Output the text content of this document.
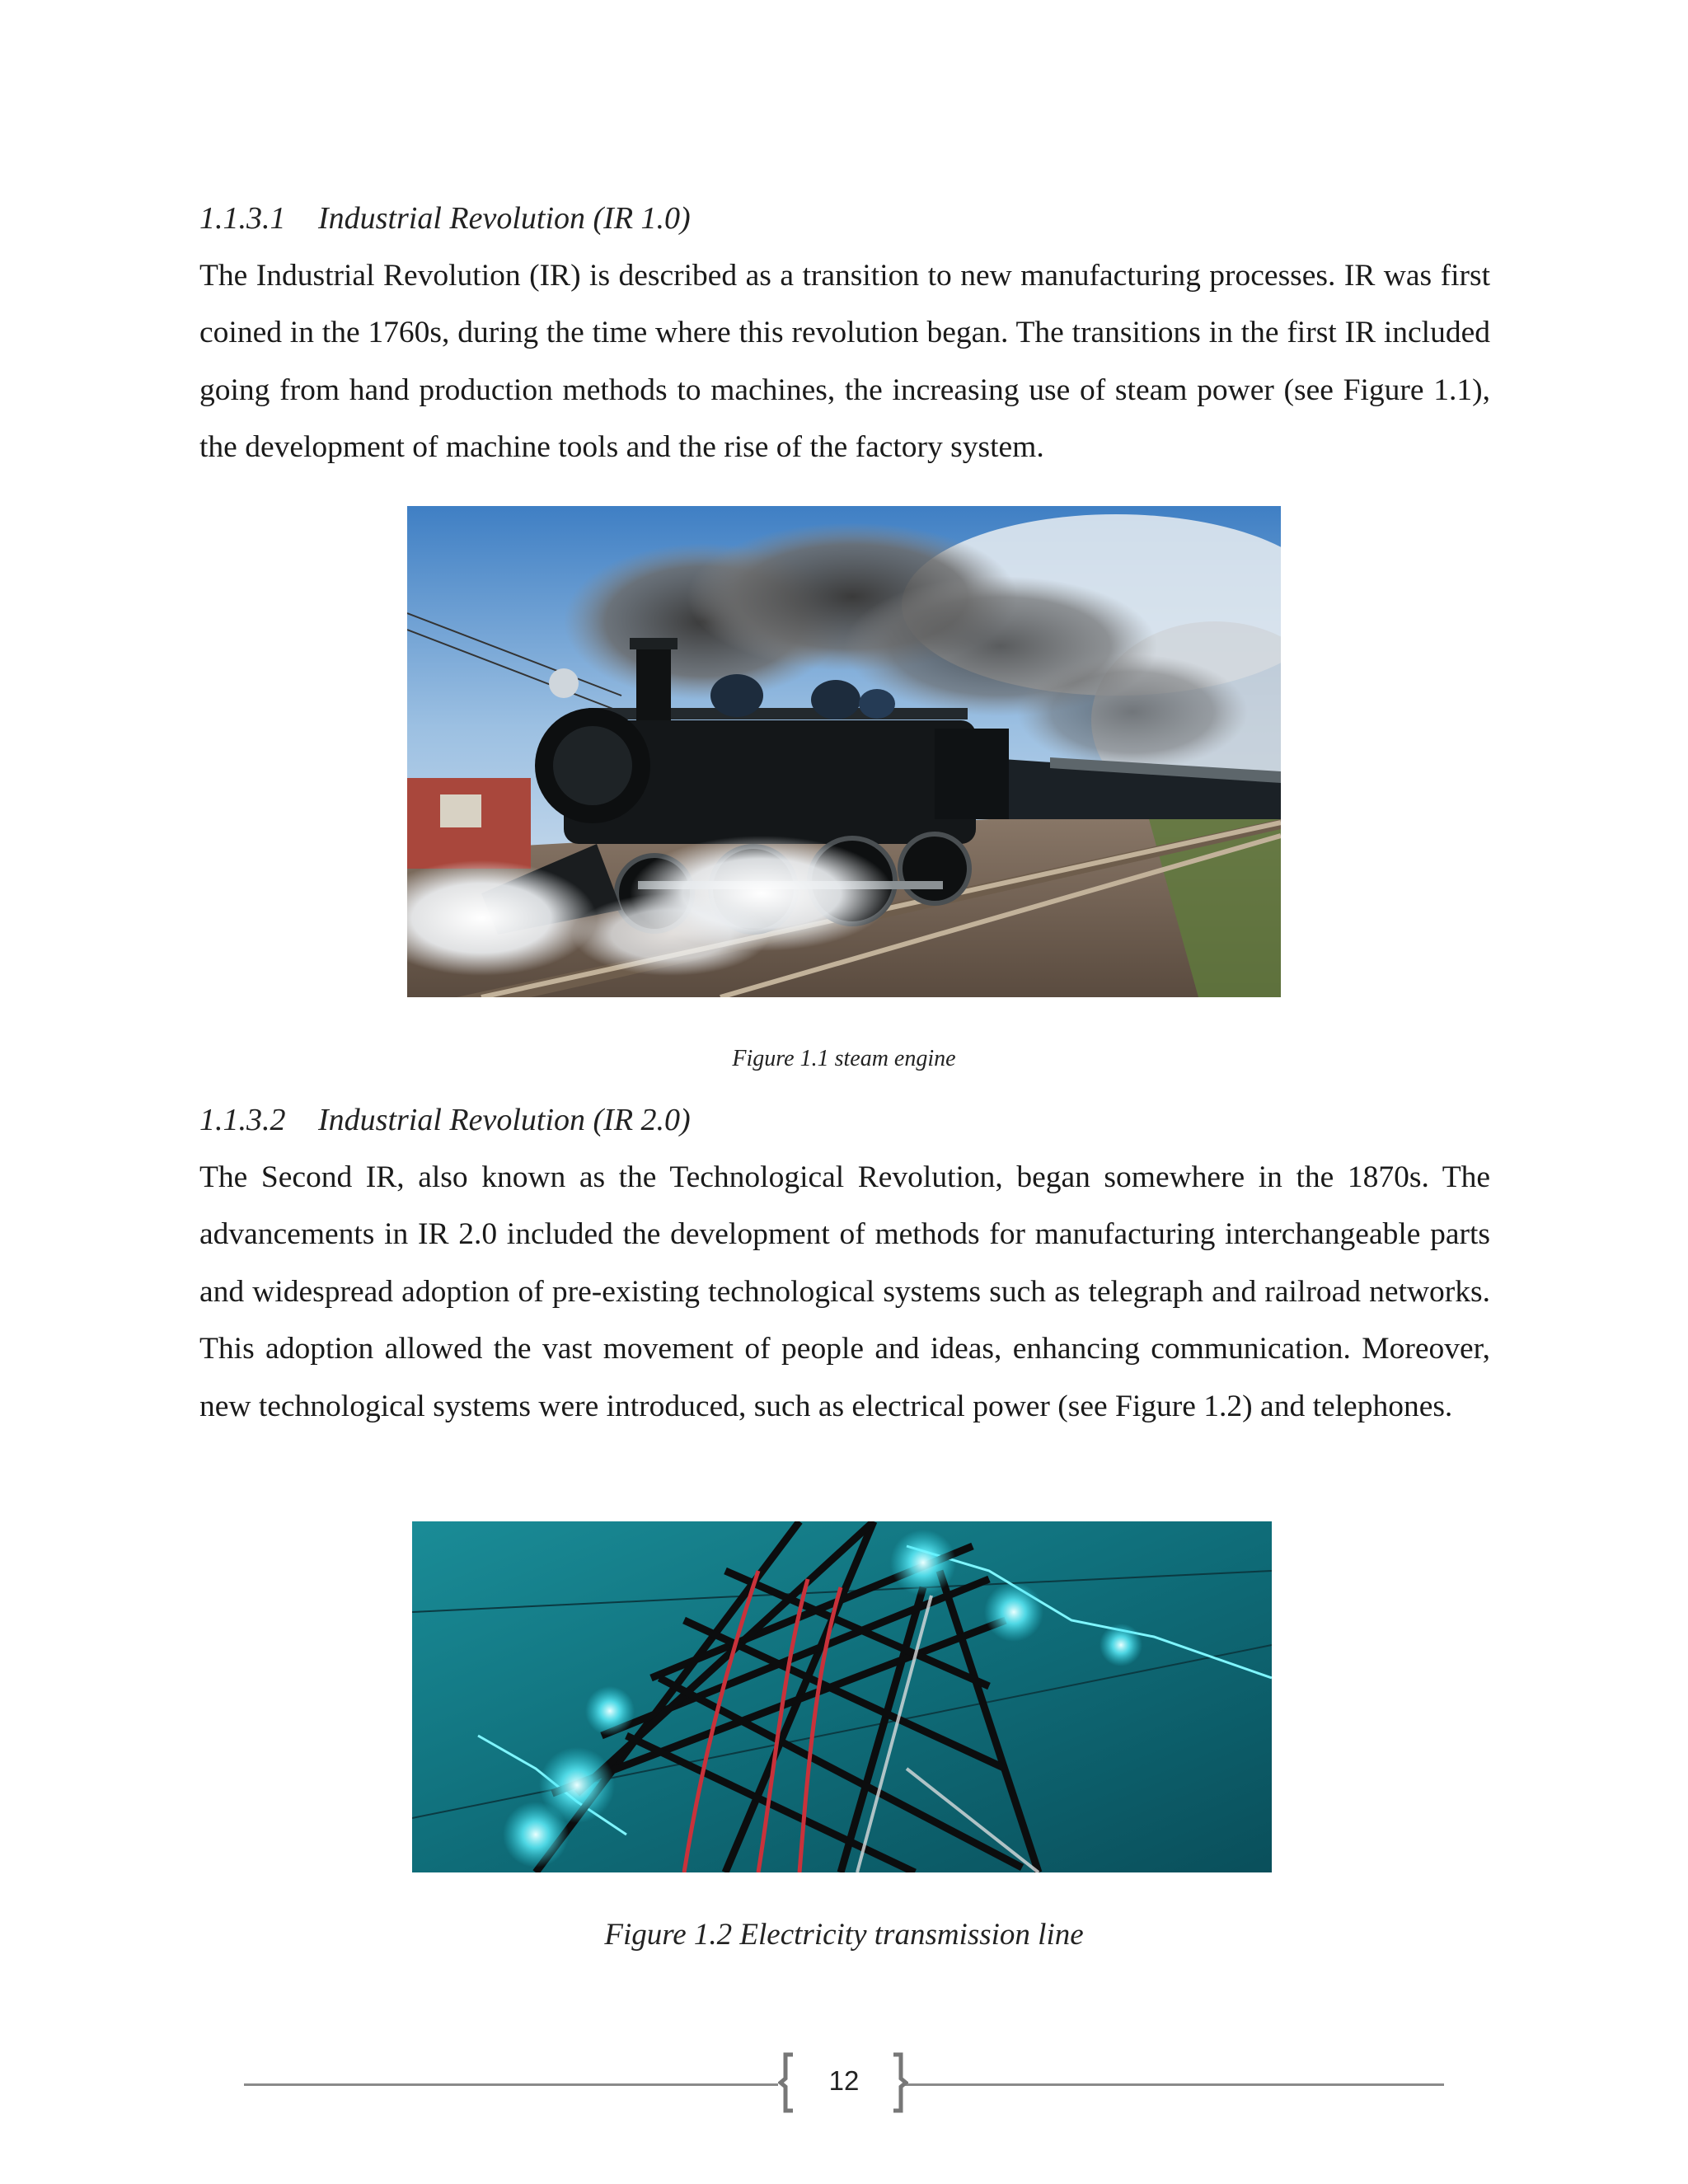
1.1.3.1 Industrial Revolution (IR 1.0)

The Industrial Revolution (IR) is described as a transition to new manufacturing processes. IR was first coined in the 1760s, during the time where this revolution began. The transitions in the first IR included going from hand production methods to machines, the increasing use of steam power (see Figure 1.1), the development of machine tools and the rise of the factory system.

Figure 1.1 steam engine
1.1.3.2 Industrial Revolution (IR 2.0)

The Second IR, also known as the Technological Revolution, began somewhere in the 1870s. The advancements in IR 2.0 included the development of methods for manufacturing interchangeable parts and widespread adoption of pre-existing technological systems such as telegraph and railroad networks. This adoption allowed the vast movement of people and ideas, enhancing communication. Moreover, new technological systems were introduced, such as electrical power (see Figure 1.2) and telephones.

Figure 1.2 Electricity transmission line
12
